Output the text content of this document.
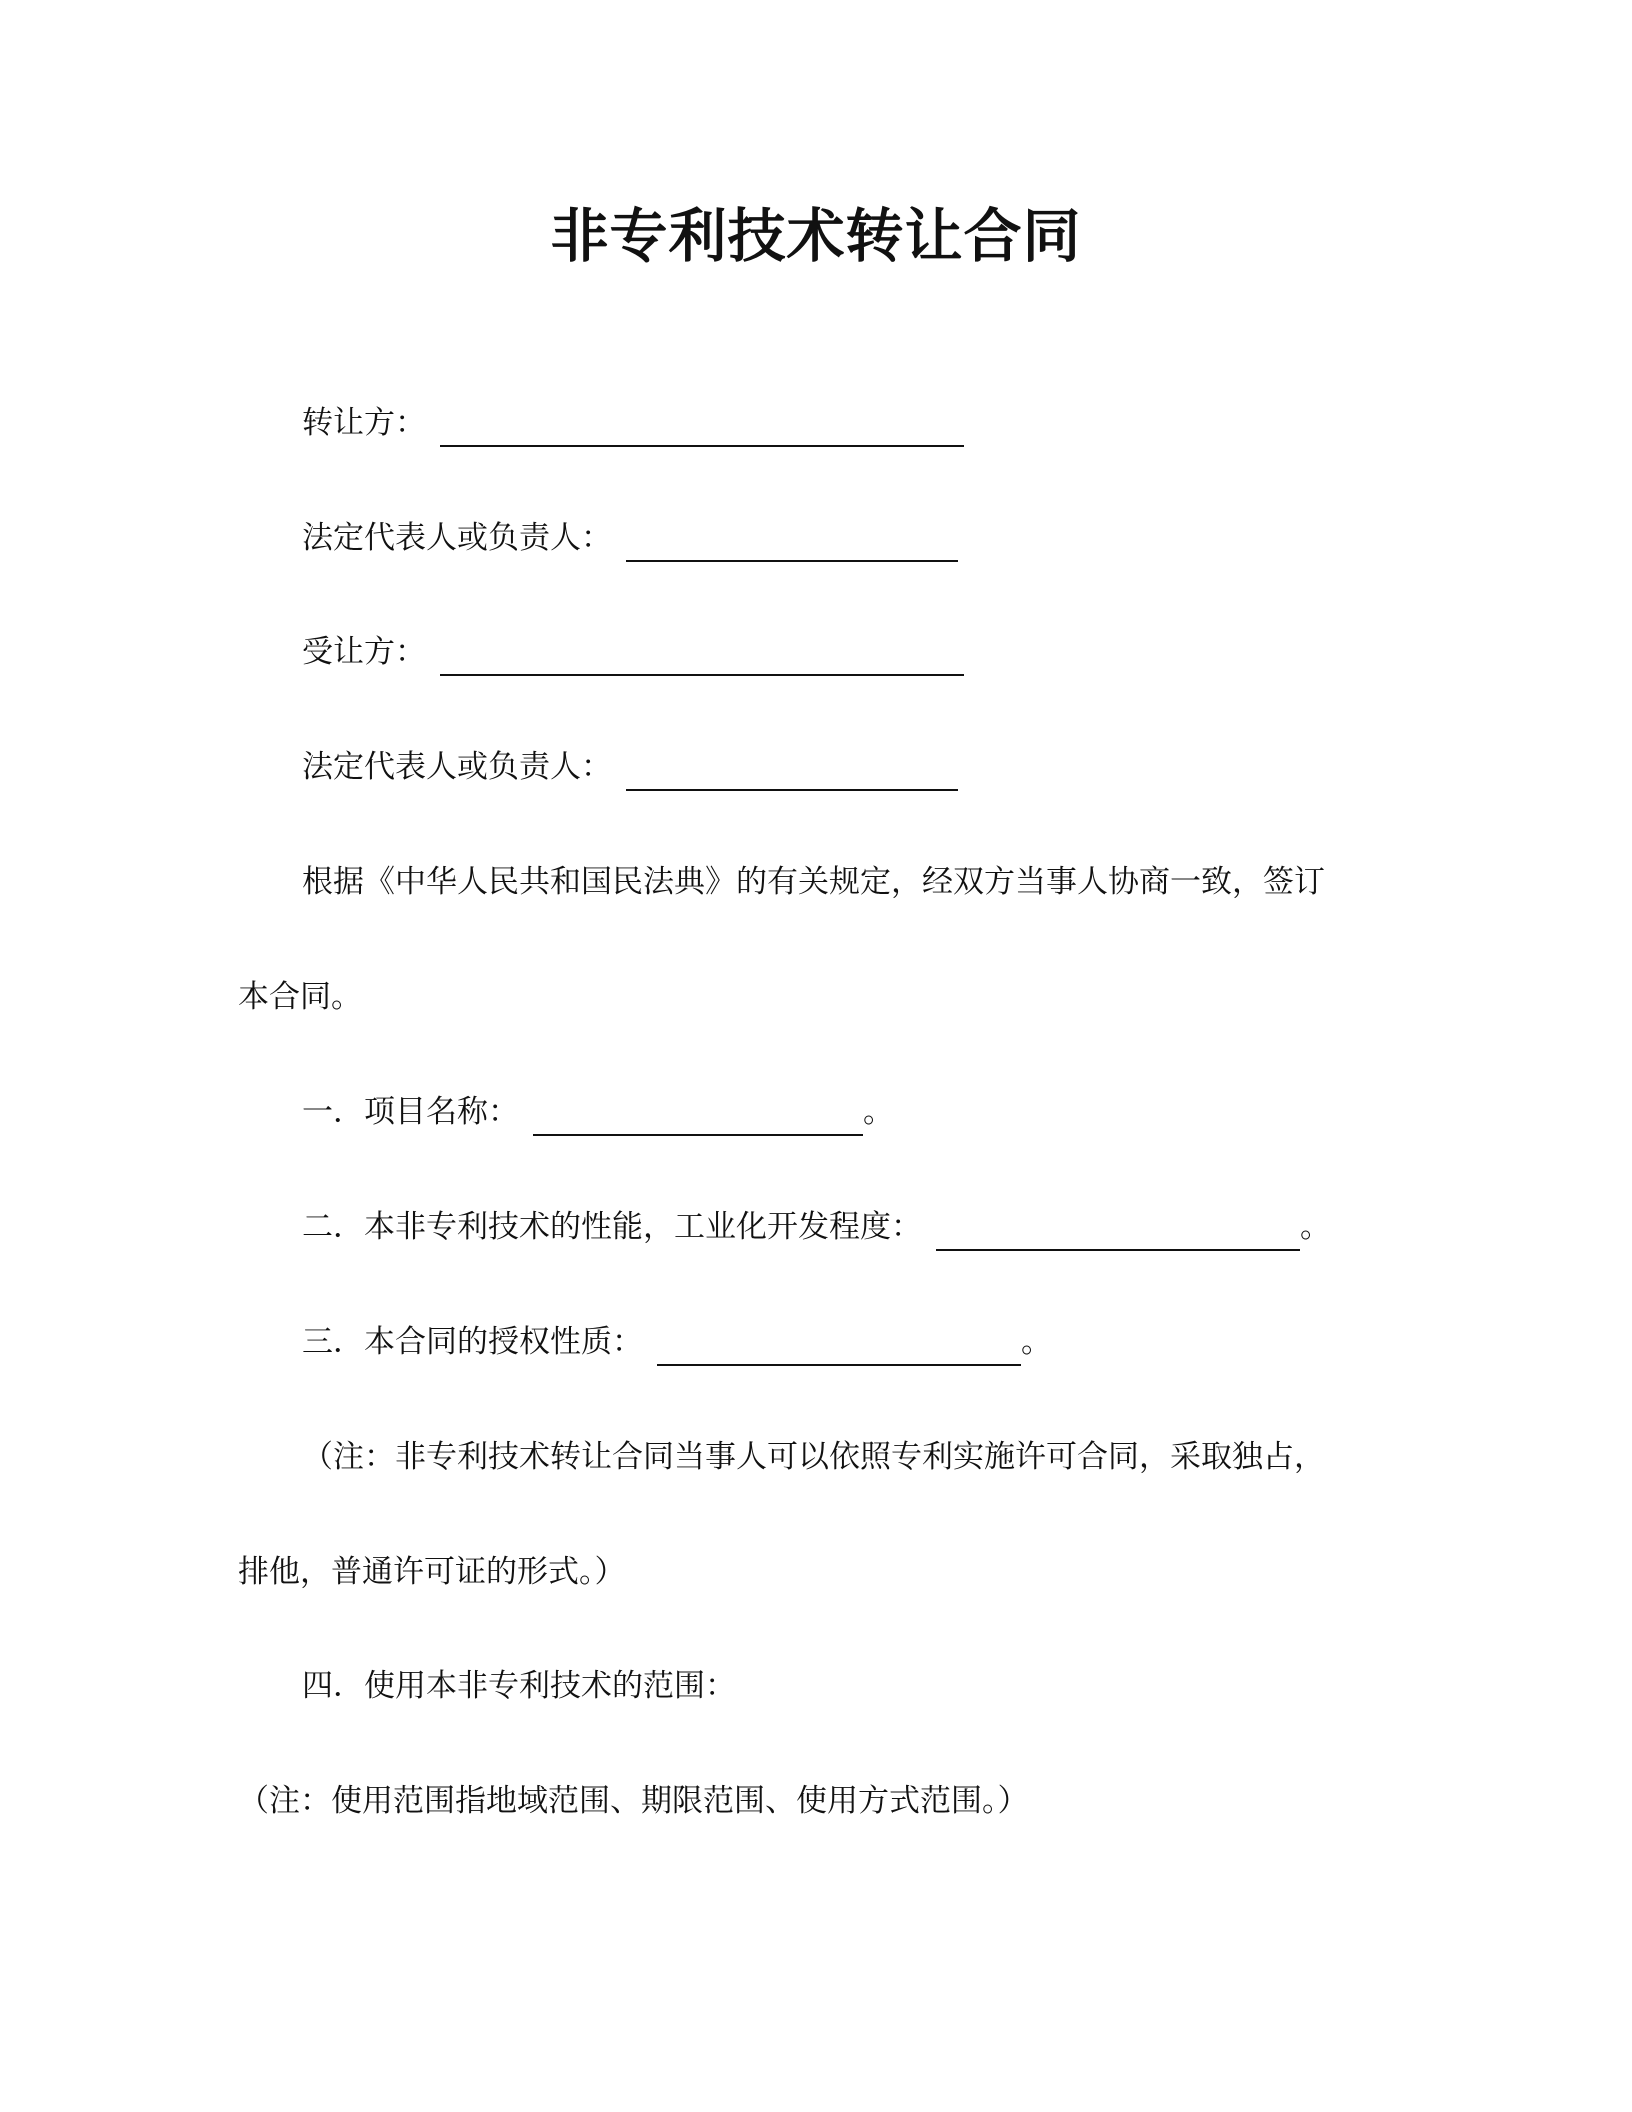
非专利技术转让合同
转让方：
法定代表人或负责人：
受让方：
法定代表人或负责人：
根据《中华人民共和国民法典》的有关规定，经双方当事人协商一致，签订
本合同。
一．项目名称：	。
二．本非专利技术的性能，工业化开发程度：	。
三．本合同的授权性质：	。
（注：非专利技术转让合同当事人可以依照专利实施许可合同，采取独占，
排他，普通许可证的形式。）
四．使用本非专利技术的范围：
（注：使用范围指地域范围、期限范围、使用方式范围。）
